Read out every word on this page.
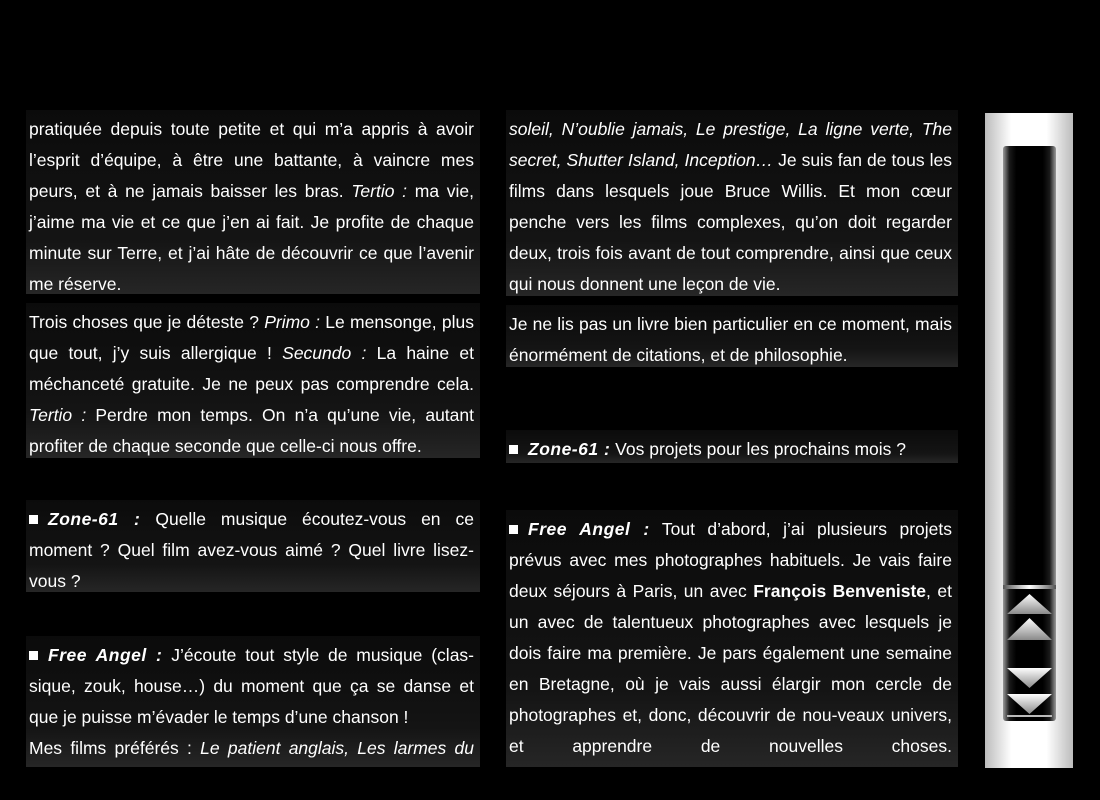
pratiquée depuis toute petite et qui m’a appris à avoir l’esprit d’équipe, à être une battante, à vaincre mes peurs, et à ne jamais baisser les bras. Tertio : ma vie, j’aime ma vie et ce que j’en ai fait. Je profite de chaque minute sur Terre, et j’ai hâte de découvrir ce que l’avenir me réserve.
Trois choses que je déteste ? Primo : Le mensonge, plus que tout, j’y suis allergique ! Secundo : La haine et méchanceté gratuite. Je ne peux pas comprendre cela. Tertio : Perdre mon temps. On n’a qu’une vie, autant profiter de chaque seconde que celle-ci nous offre.
Zone-61 : Quelle musique écoutez-vous en ce moment ? Quel film avez-vous aimé ? Quel livre lisez-vous ?
Free Angel : J’écoute tout style de musique (clas-sique, zouk, house…) du moment que ça se danse et que je puisse m’évader le temps d’une chanson !

Mes films préférés : Le patient anglais, Les larmes du
soleil, N’oublie jamais, Le prestige, La ligne verte, The secret, Shutter Island, Inception… Je suis fan de tous les films dans lesquels joue Bruce Willis. Et mon cœur penche vers les films complexes, qu’on doit regarder deux, trois fois avant de tout comprendre, ainsi que ceux qui nous donnent une leçon de vie.
Je ne lis pas un livre bien particulier en ce moment, mais énormément de citations, et de philosophie.
Zone-61 : Vos projets pour les prochains mois ?
Free Angel : Tout d’abord, j’ai plusieurs projets prévus avec mes photographes habituels. Je vais faire deux séjours à Paris, un avec François Benveniste, et un avec de talentueux photographes avec lesquels je dois faire ma première. Je pars également une semaine en Bretagne, où je vais aussi élargir mon cercle de photographes et, donc, découvrir de nou-veaux univers, et apprendre de nouvelles choses.
